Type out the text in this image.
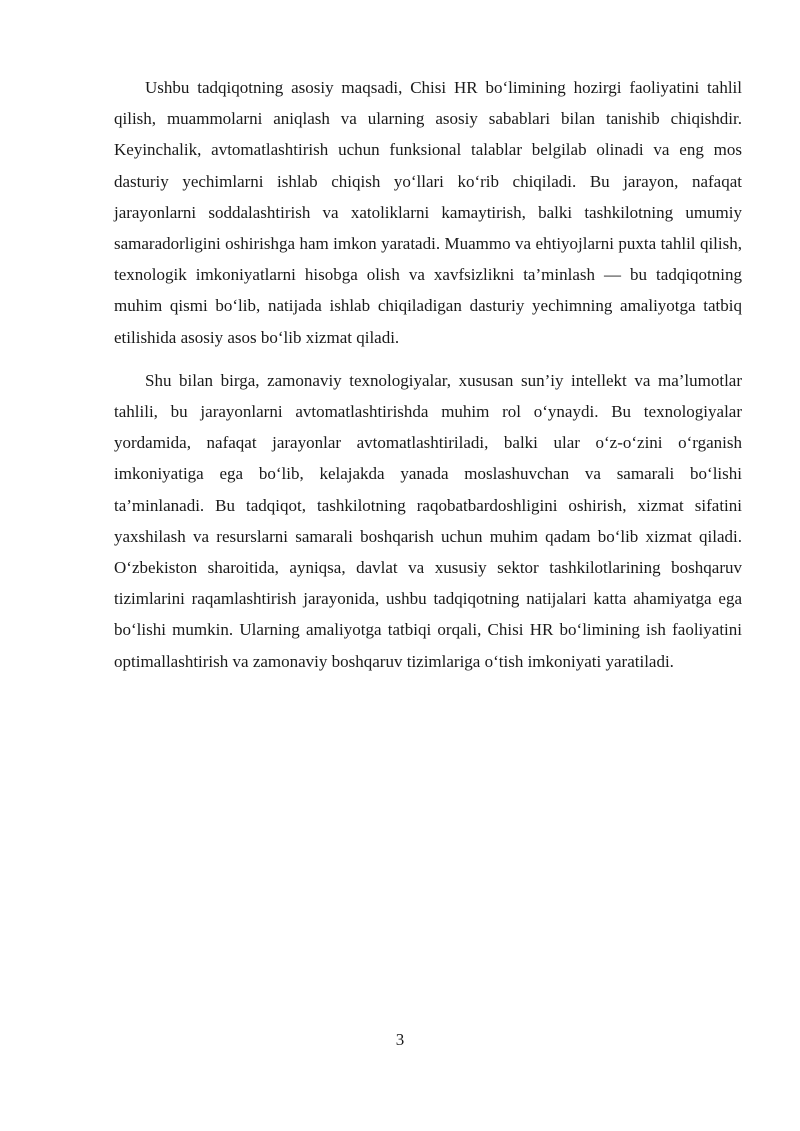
Ushbu tadqiqotning asosiy maqsadi, Chisi HR bo‘limining hozirgi faoliyatini tahlil qilish, muammolarni aniqlash va ularning asosiy sabablari bilan tanishib chiqishdir. Keyinchalik, avtomatlashtirish uchun funksional talablar belgilab olinadi va eng mos dasturiy yechimlarni ishlab chiqish yo‘llari ko‘rib chiqiladi. Bu jarayon, nafaqat jarayonlarni soddalashtirish va xatoliklarni kamaytirish, balki tashkilotning umumiy samaradorligini oshirishga ham imkon yaratadi. Muammo va ehtiyojlarni puxta tahlil qilish, texnologik imkoniyatlarni hisobga olish va xavfsizlikni ta’minlash — bu tadqiqotning muhim qismi bo‘lib, natijada ishlab chiqiladigan dasturiy yechimning amaliyotga tatbiq etilishida asosiy asos bo‘lib xizmat qiladi.

Shu bilan birga, zamonaviy texnologiyalar, xususan sun’iy intellekt va ma’lumotlar tahlili, bu jarayonlarni avtomatlashtirishda muhim rol o‘ynaydi. Bu texnologiyalar yordamida, nafaqat jarayonlar avtomatlashtiriladi, balki ular o‘z-o‘zini o‘rganish imkoniyatiga ega bo‘lib, kelajakda yanada moslashuvchan va samarali bo‘lishi ta’minlanadi. Bu tadqiqot, tashkilotning raqobatbardoshligini oshirish, xizmat sifatini yaxshilash va resurslarni samarali boshqarish uchun muhim qadam bo‘lib xizmat qiladi. O‘zbekiston sharoitida, ayniqsa, davlat va xususiy sektor tashkilotlarining boshqaruv tizimlarini raqamlashtirish jarayonida, ushbu tadqiqotning natijalari katta ahamiyatga ega bo‘lishi mumkin. Ularning amaliyotga tatbiqi orqali, Chisi HR bo‘limining ish faoliyatini optimallashtirish va zamonaviy boshqaruv tizimlariga o‘tish imkoniyati yaratiladi.

3
